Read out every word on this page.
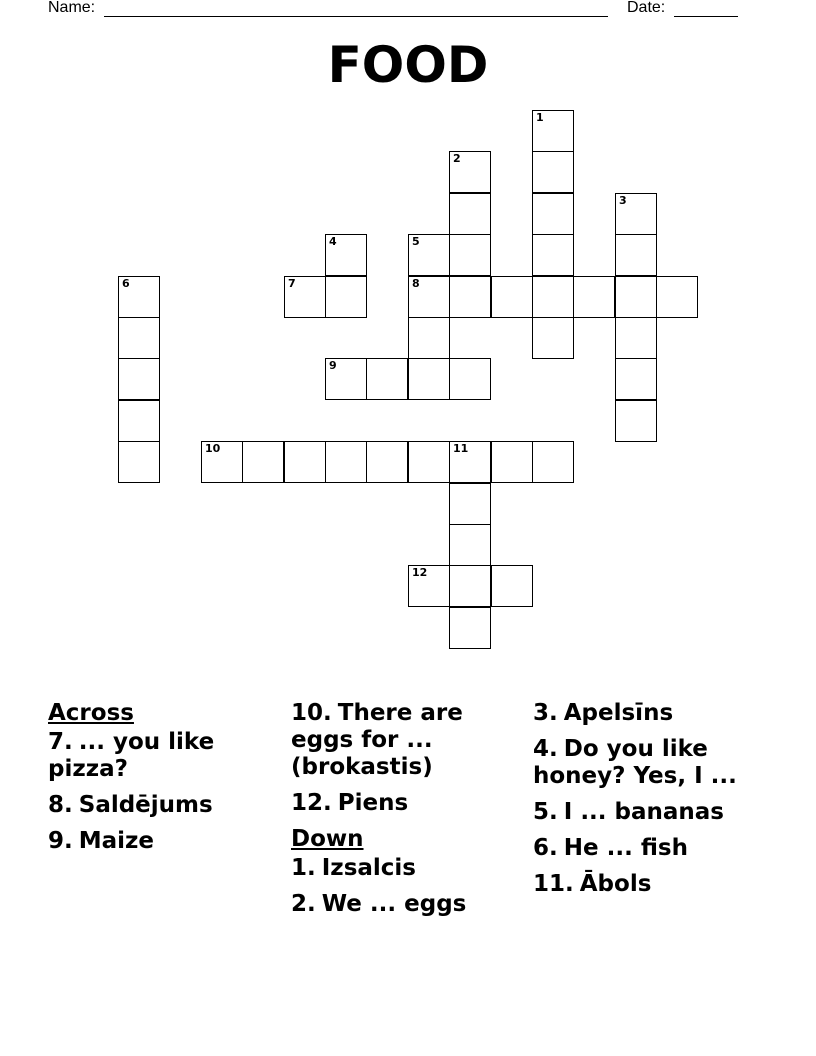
Name:	Date:
FOOD
1
2
3
4	5
8
6	7
9
10	11
12
Across
7. ... you like pizza?
8. Saldējums
9. Maize
10. There are eggs for ... (brokastis)
12. Piens
Down
1. Izsalcis
2. We ... eggs
3. Apelsīns
4. Do you like honey? Yes, I ...
5. I ... bananas
6. He ... fish
11. Ābols
